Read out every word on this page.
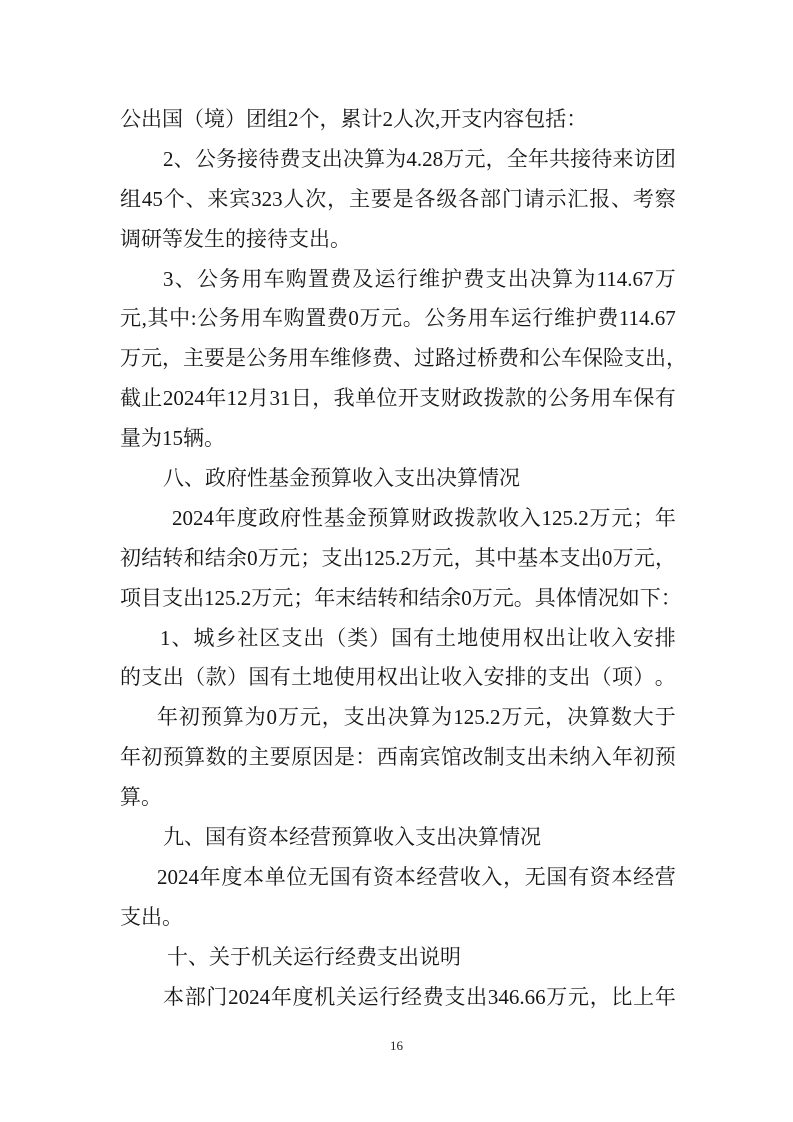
公出国（境）团组2个，累计2人次,开支内容包括：
2 、 公 务 接 待 费 支 出 决 算 为 4.28 万 元 ， 全 年 共 接 待 来 访 团
组 45 个 、 来 宾 323 人 次 ， 主 要 是 各 级 各 部 门 请 示 汇 报 、 考 察
调研等发生的接待支出。
3 、 公 务 用 车 购 置 费 及 运 行 维 护 费 支 出 决 算 为 114.67 万
元 , 其 中 : 公 务 用 车 购 置 费 0 万 元 。 公 务 用 车 运 行 维 护 费 114.67
万 元 ， 主 要 是 公 务 用 车 维 修 费 、 过 路 过 桥 费 和 公 车 保 险 支 出 ，
截 止 2024 年 12 月 31 日 ， 我 单 位 开 支 财 政 拨 款 的 公 务 用 车 保 有
量为15辆。
八、政府性基金预算收入支出决算情况
2024 年 度 政 府 性 基 金 预 算 财 政 拨 款 收 入 125.2 万 元 ； 年
初 结 转 和 结 余 0 万 元 ； 支 出 125.2 万 元 ， 其 中 基 本 支 出 0 万 元 ，
项 目 支 出 125.2 万 元 ； 年 末 结 转 和 结 余 0 万 元 。 具 体 情 况 如 下 ：
1 、 城 乡 社 区 支 出 （ 类 ） 国 有 土 地 使 用 权 出 让 收 入 安 排
的 支 出 （ 款 ） 国 有 土 地 使 用 权 出 让 收 入 安 排 的 支 出 （ 项 ） 。
年 初 预 算 为 0 万 元 ， 支 出 决 算 为 125.2 万 元 ， 决 算 数 大 于
年 初 预 算 数 的 主 要 原 因 是 ： 西 南 宾 馆 改 制 支 出 未 纳 入 年 初 预
算。
九、国有资本经营预算收入支出决算情况
2024 年 度 本 单 位 无 国 有 资 本 经 营 收 入 ， 无 国 有 资 本 经 营
支出。
十、关于机关运行经费支出说明
本 部 门 2024 年 度 机 关 运 行 经 费 支 出 346.66 万 元 ， 比 上 年
16
